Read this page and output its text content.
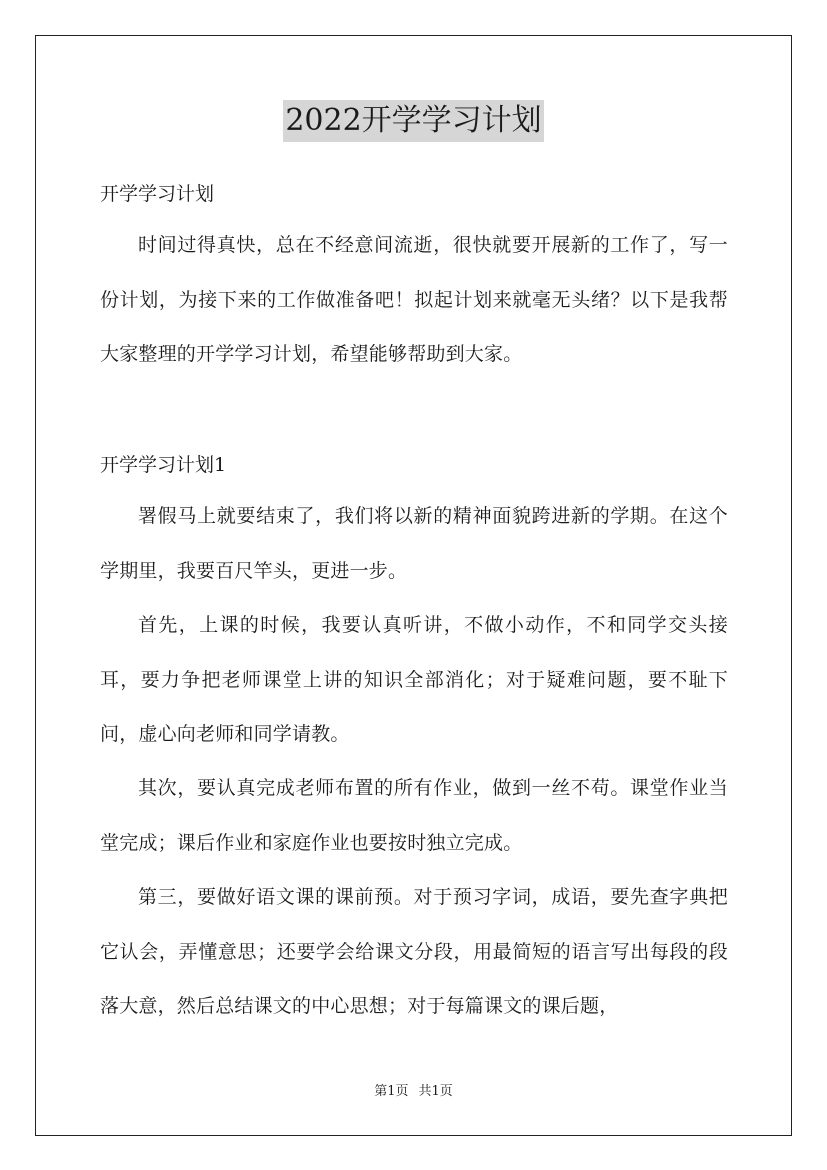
2022开学学习计划
开学学习计划

时间过得真快，总在不经意间流逝，很快就要开展新的工作了，写一份计划，为接下来的工作做准备吧！拟起计划来就毫无头绪？以下是我帮大家整理的开学学习计划，希望能够帮助到大家。

开学学习计划1

署假马上就要结束了，我们将以新的精神面貌跨进新的学期。在这个学期里，我要百尺竿头，更进一步。

首先，上课的时候，我要认真听讲，不做小动作，不和同学交头接耳，要力争把老师课堂上讲的知识全部消化；对于疑难问题，要不耻下问，虚心向老师和同学请教。

其次，要认真完成老师布置的所有作业，做到一丝不苟。课堂作业当堂完成；课后作业和家庭作业也要按时独立完成。

第三，要做好语文课的课前预。对于预习字词，成语，要先查字典把它认会，弄懂意思；还要学会给课文分段，用最简短的语言写出每段的段落大意，然后总结课文的中心思想；对于每篇课文的课后题，

第1页 共1页
